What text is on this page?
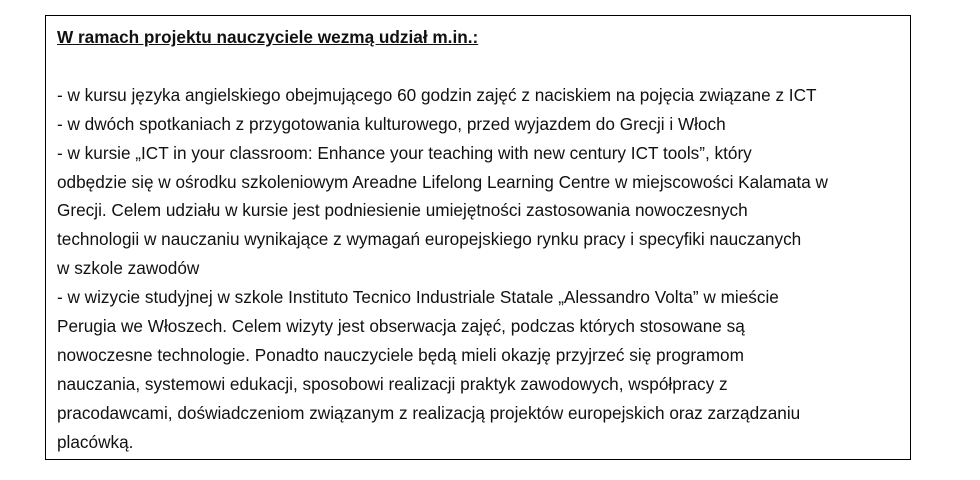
W ramach projektu nauczyciele wezmą udział m.in.:
- w kursu języka angielskiego obejmującego 60 godzin zajęć z naciskiem na pojęcia związane z ICT
- w dwóch spotkaniach z przygotowania kulturowego, przed wyjazdem do Grecji i Włoch
- w kursie „ICT in your classroom: Enhance your teaching with new century ICT tools”, który
odbędzie się w ośrodku szkoleniowym Areadne Lifelong Learning Centre w miejscowości Kalamata w
Grecji. Celem udziału w kursie jest podniesienie umiejętności zastosowania nowoczesnych
technologii w nauczaniu wynikające z wymagań europejskiego rynku pracy i specyfiki nauczanych
w szkole zawodów
- w wizycie studyjnej w szkole Instituto Tecnico Industriale Statale „Alessandro Volta” w mieście
Perugia we Włoszech. Celem wizyty jest obserwacja zajęć, podczas których stosowane są
nowoczesne technologie. Ponadto nauczyciele będą mieli okazję przyjrzeć się programom
nauczania, systemowi edukacji, sposobowi realizacji praktyk zawodowych, współpracy z
pracodawcami, doświadczeniom związanym z realizacją projektów europejskich oraz zarządzaniu
placówką.
